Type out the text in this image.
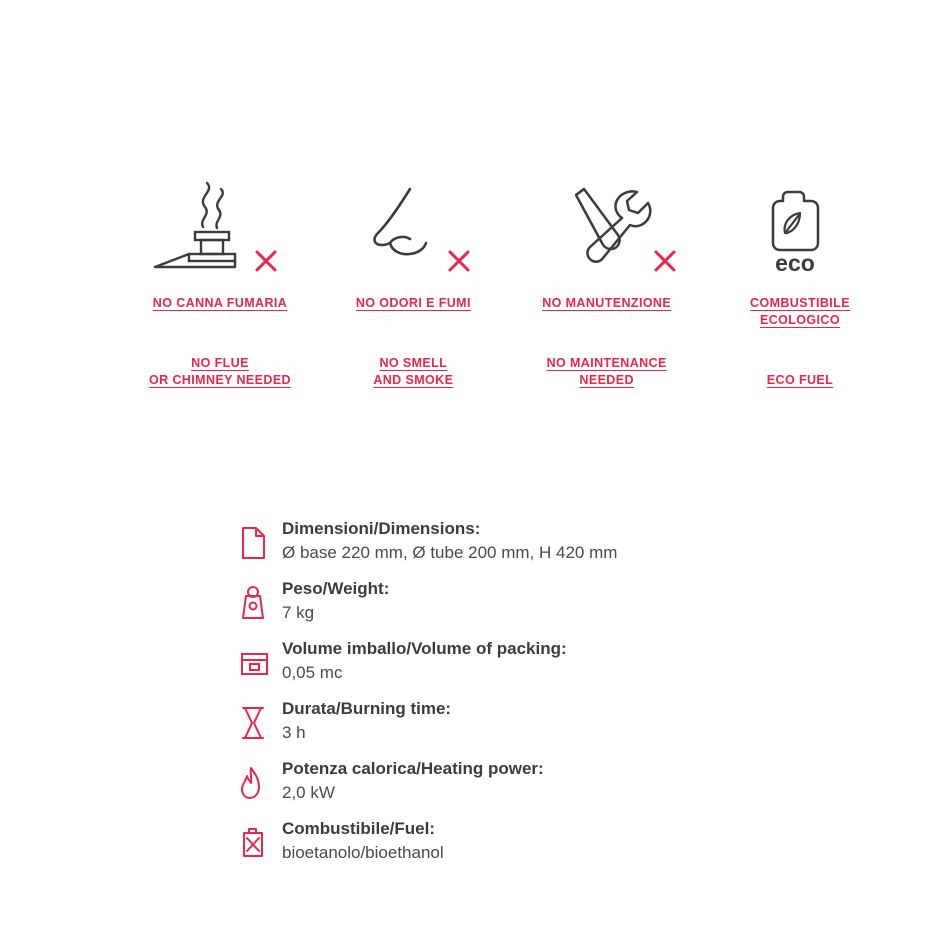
NO CANNA FUMARIA
NO FLUE
OR CHIMNEY NEEDED
NO ODORI E FUMI
NO SMELL
AND SMOKE
NO MANUTENZIONE
NO MAINTENANCE
NEEDED
eco
COMBUSTIBILE
ECOLOGICO
ECO FUEL
Dimensioni/Dimensions:
Ø base 220 mm, Ø tube 200 mm, H 420 mm
Peso/Weight:
7 kg
Volume imballo/Volume of packing:
0,05 mc
Durata/Burning time:
3 h
Potenza calorica/Heating power:
2,0 kW
Combustibile/Fuel:
bioetanolo/bioethanol
